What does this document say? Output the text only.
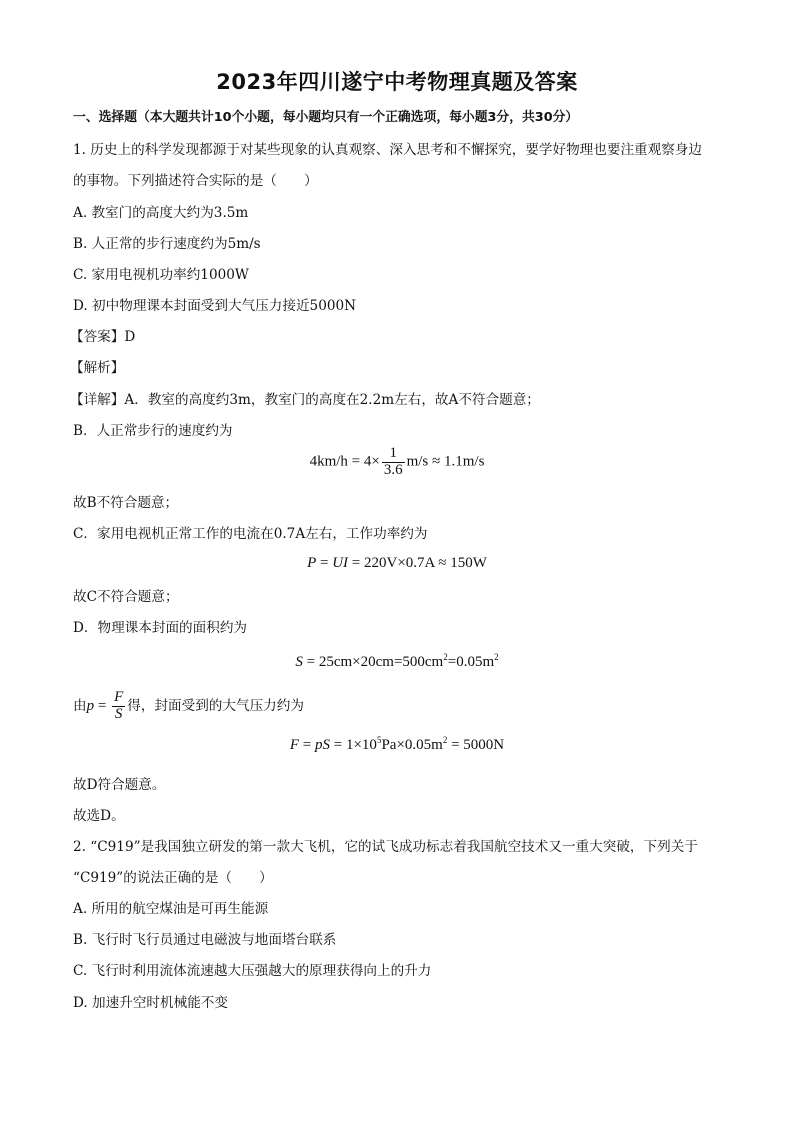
2023年四川遂宁中考物理真题及答案
一、选择题（本大题共计10个小题，每小题均只有一个正确选项，每小题3分，共30分）
1. 历史上的科学发现都源于对某些现象的认真观察、深入思考和不懈探究，要学好物理也要注重观察身边
的事物。下列描述符合实际的是（　　）
A. 教室门的高度大约为3.5m
B. 人正常的步行速度约为5m/s
C. 家用电视机功率约1000W
D. 初中物理课本封面受到大气压力接近5000N
【答案】D
【解析】
【详解】A．教室的高度约3m，教室门的高度在2.2m左右，故A不符合题意；
B．人正常步行的速度约为
$4km/h = 4\times \frac{1}{3.6} m/s \approx 1.1m/s$
故B不符合题意；
C．家用电视机正常工作的电流在0.7A左右，工作功率约为
P = UI = 220V×0.7A ≈ 150W
故C不符合题意；
D．物理课本封面的面积约为
$S = 25cm\times 20cm=500cm^2=0.05m^2$
由$p = \frac{F}{S}$ 得，封面受到的大气压力约为
F = pS = $1\times 10^5Pa\times 0.05m^2 = 5000N$
故D符合题意。
故选D。
2. “C919”是我国独立研发的第一款大飞机，它的试飞成功标志着我国航空技术又一重大突破，下列关于
“C919”的说法正确的是（　　）
A. 所用的航空煤油是可再生能源
B. 飞行时飞行员通过电磁波与地面塔台联系
C. 飞行时利用流体流速越大压强越大的原理获得向上的升力
D. 加速升空时机械能不变
